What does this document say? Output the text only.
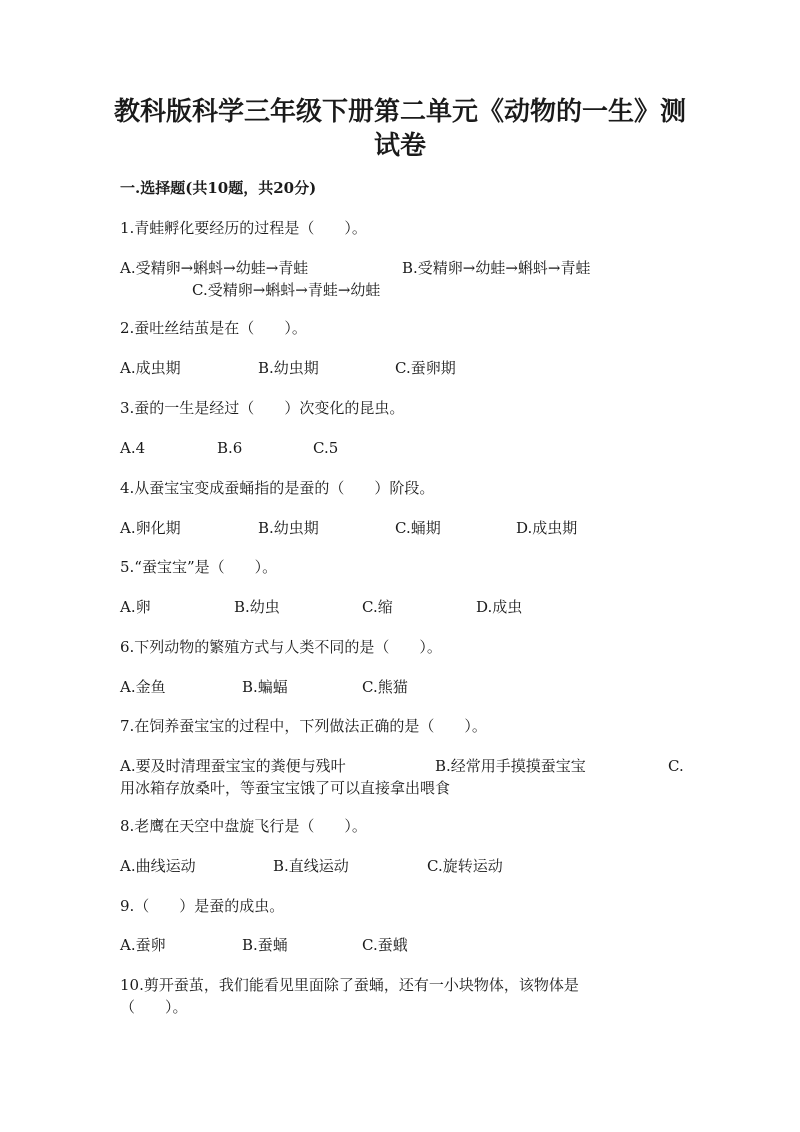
教科版科学三年级下册第二单元《动物的一生》测
试卷
一.选择题(共10题，共20分)
1.青蛙孵化要经历的过程是（　　）。
A.受精卵→蝌蚪→幼蛙→青蛙	B.受精卵→幼蛙→蝌蚪→青蛙
C.受精卵→蝌蚪→青蛙→幼蛙
2.蚕吐丝结茧是在（　　）。
A.成虫期	B.幼虫期	C.蚕卵期
3.蚕的一生是经过（　　）次变化的昆虫。
A.4	B.6	C.5
4.从蚕宝宝变成蚕蛹指的是蚕的（　　）阶段。
A.卵化期	B.幼虫期	C.蛹期	D.成虫期
5.“蚕宝宝”是（　　）。
A.卵	B.幼虫	C.缩	D.成虫
6.下列动物的繁殖方式与人类不同的是（　　）。
A.金鱼	B.蝙蝠	C.熊猫
7.在饲养蚕宝宝的过程中，下列做法正确的是（　　）。
A.要及时清理蚕宝宝的粪便与残叶	B.经常用手摸摸蚕宝宝	C.
用冰箱存放桑叶，等蚕宝宝饿了可以直接拿出喂食
8.老鹰在天空中盘旋飞行是（　　）。
A.曲线运动	B.直线运动	C.旋转运动
9.（　　）是蚕的成虫。
A.蚕卵	B.蚕蛹	C.蚕蛾
10.剪开蚕茧，我们能看见里面除了蚕蛹，还有一小块物体，该物体是
（　　）。
